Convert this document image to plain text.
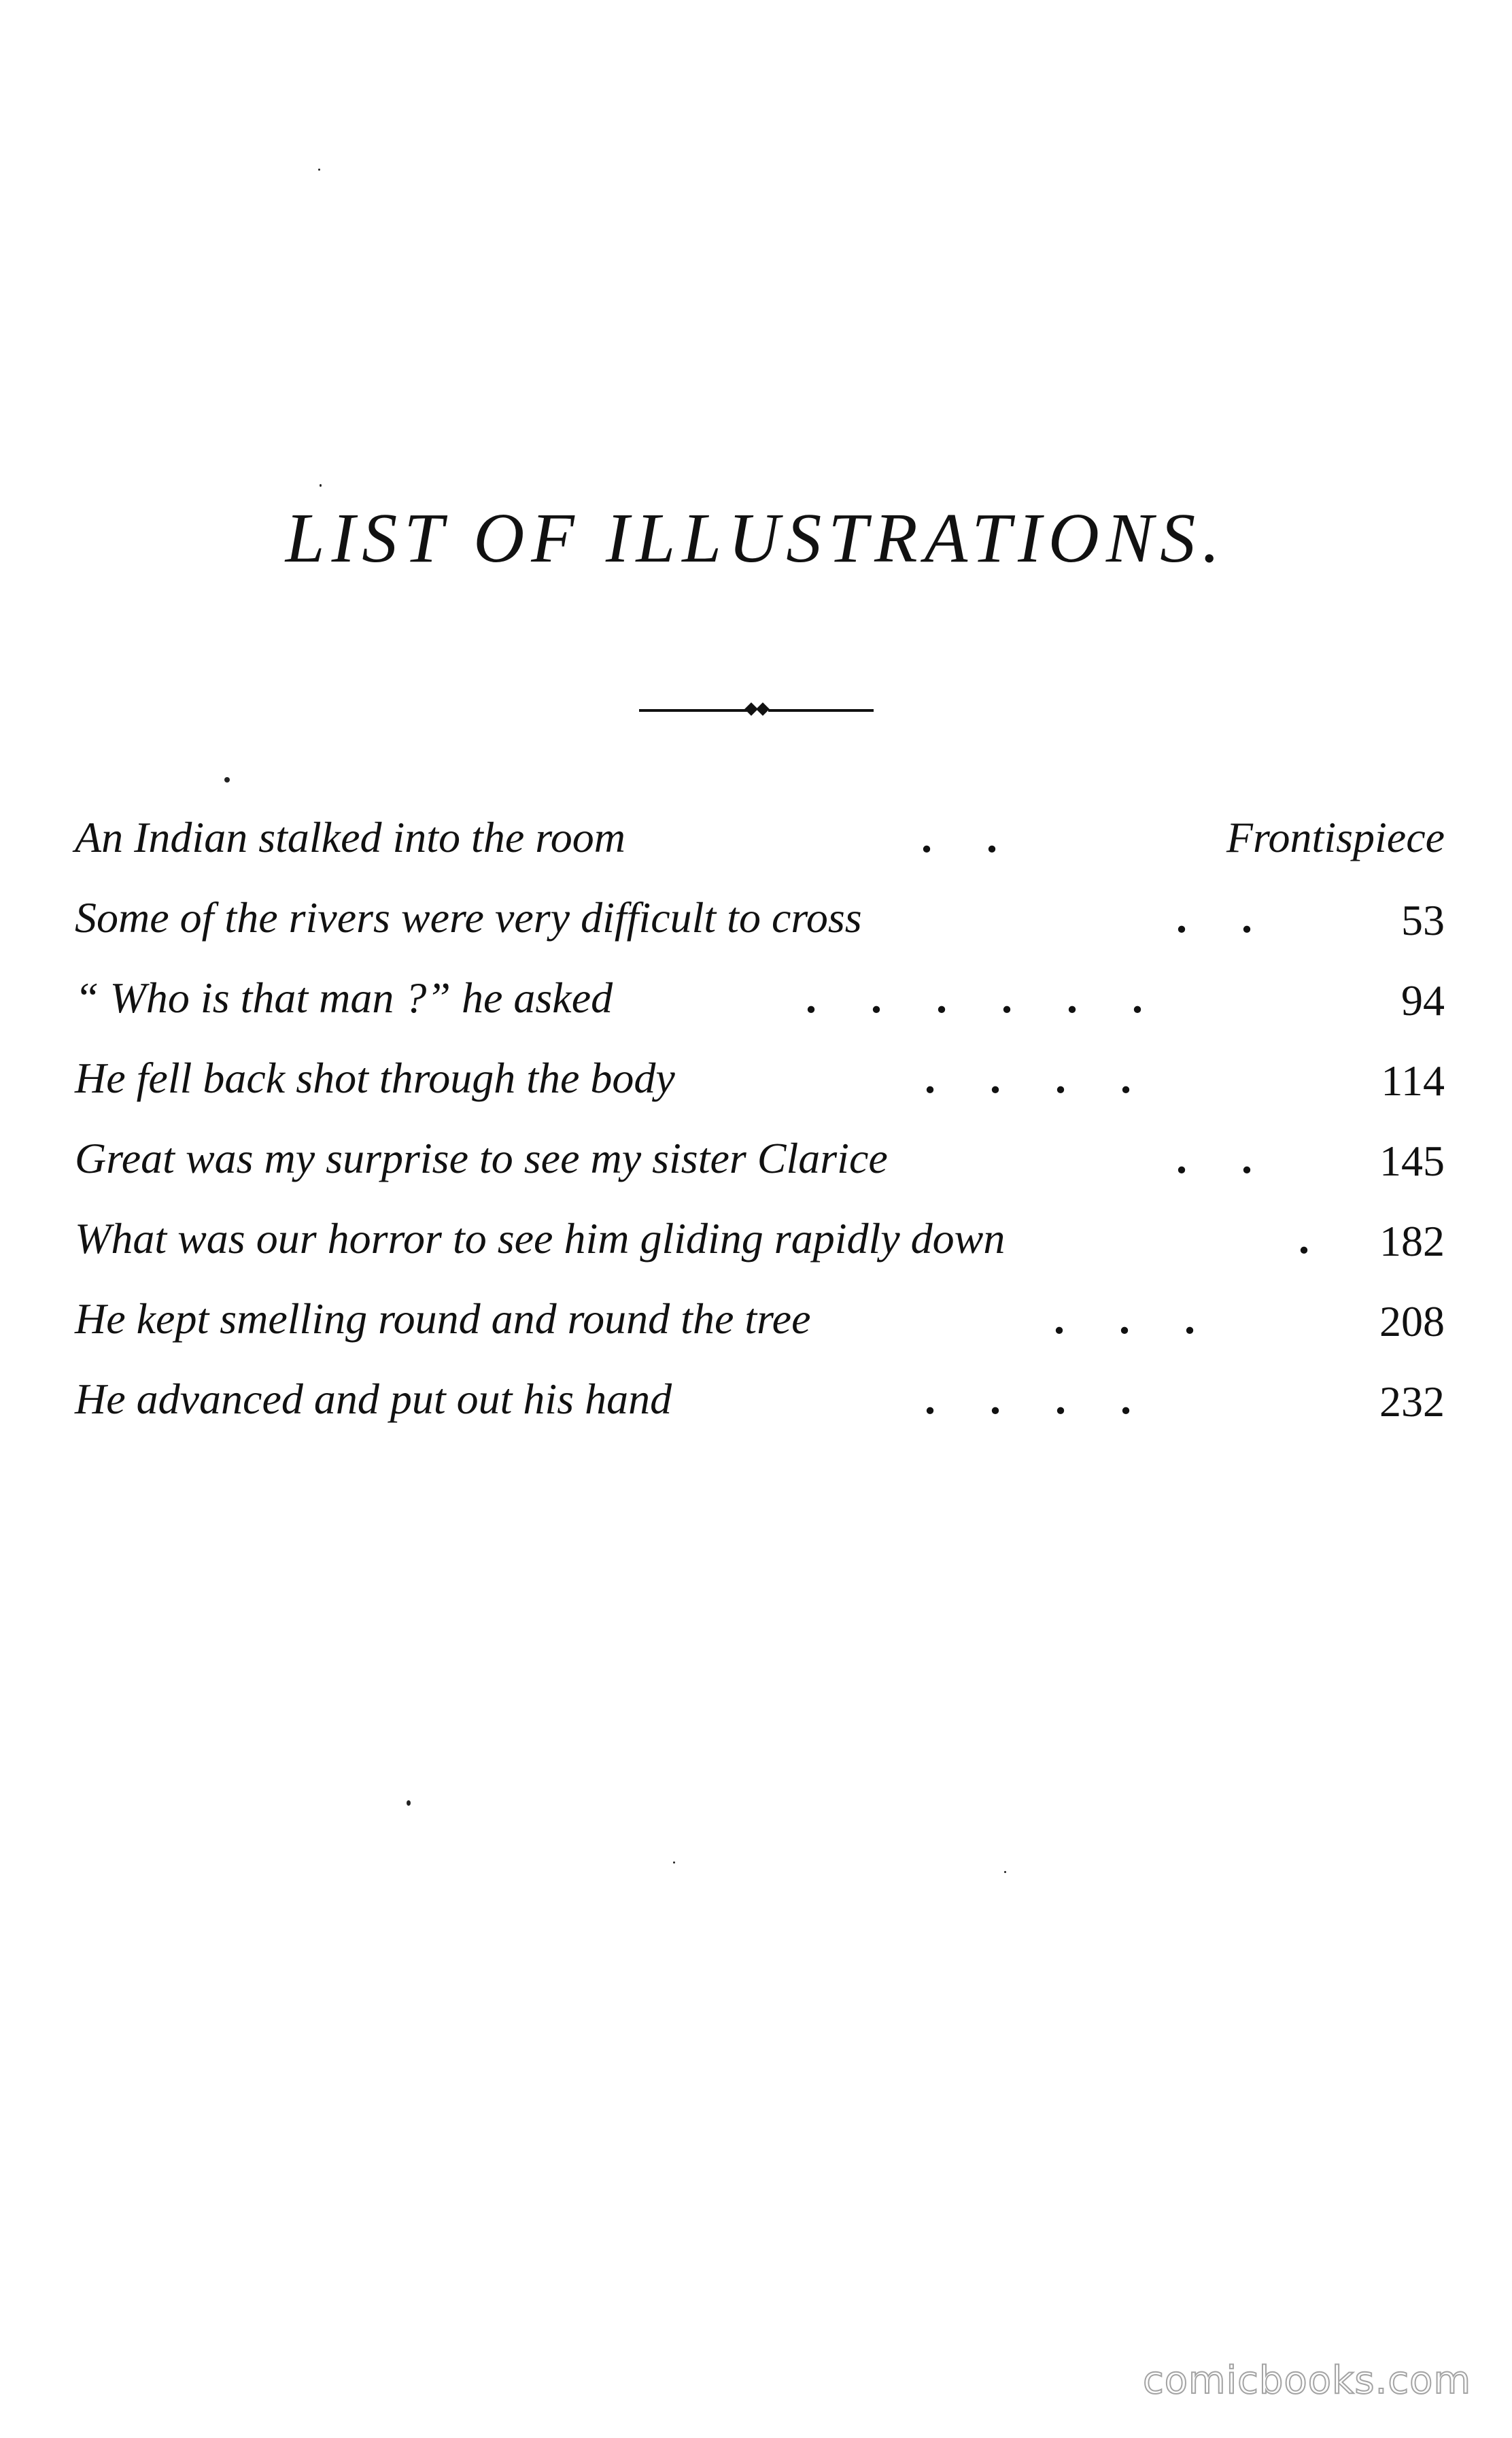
LIST OF ILLUSTRATIONS.
An Indian stalked into the room	.     .	Frontispiece
Some of the rivers were very difficult to cross	.     .	53
“ Who is that man ?” he asked	.     .     .     .     .     .	94
He fell back shot through the body	.     .     .     .	114
Great was my surprise to see my sister Clarice	.     .	145
What was our horror to see him gliding rapidly down	. 182
He kept smelling round and round the tree	.     .     .	208
He advanced and put out his hand	.     .     .     .	232
comicbooks.com
